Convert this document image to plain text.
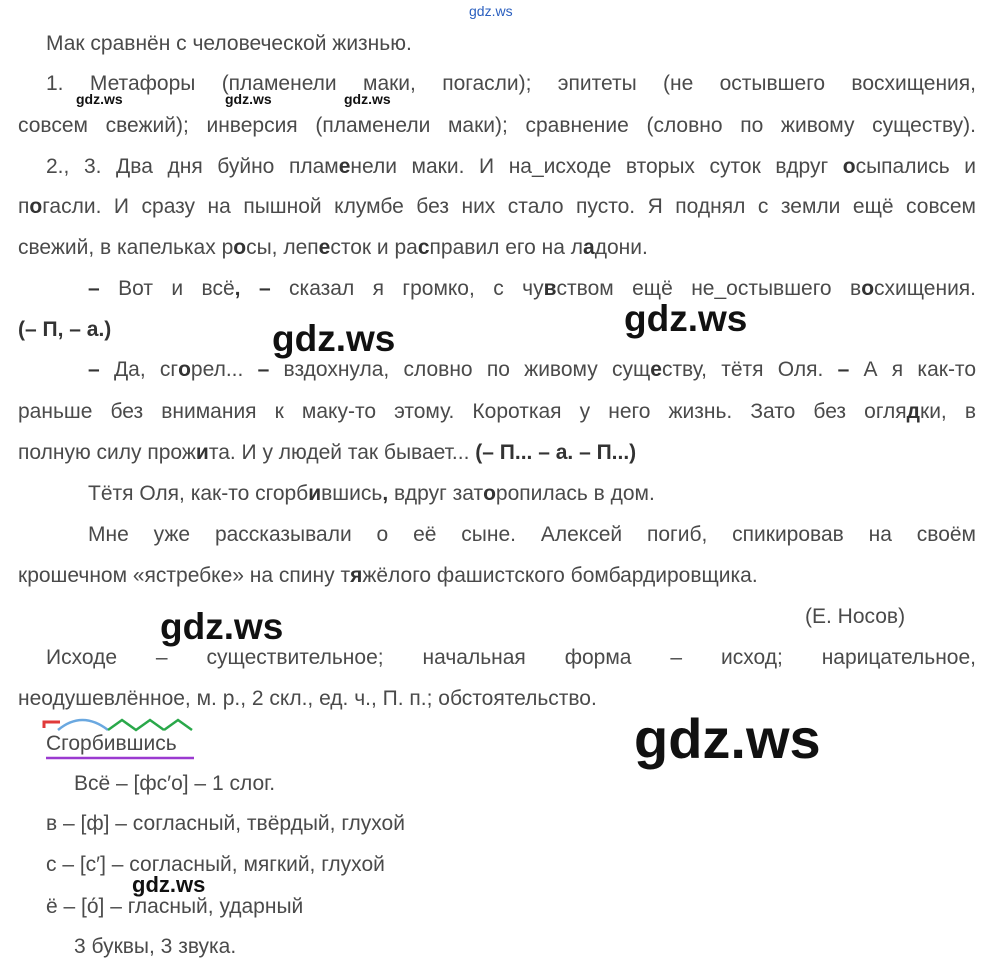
gdz.ws
gdz.ws	gdz.ws	gdz.ws
Мак сравнён с человеческой жизнью.
1. Метафоры (пламенели маки, погасли); эпитеты (не остывшего восхищения,
совсем свежий); инверсия (пламенели маки); сравнение (словно по живому существу).
2., 3. Два дня буйно пламенели маки. И на_исходе вторых суток вдруг осыпались и
погасли. И сразу на пышной клумбе без них стало пусто. Я поднял с земли ещё совсем
свежий, в капельках росы, лепесток и расправил его на ладони.
– Вот и всё, – сказал я громко, с чувством ещё не_остывшего восхищения.
(– П, – а.)	gdz.ws
gdz.ws
– Да, сгорел... – вздохнула, словно по живому существу, тётя Оля. – А я как-то
раньше без внимания к маку-то этому. Короткая у него жизнь. Зато без оглядки, в
полную силу прожита. И у людей так бывает... (– П... – а. – П...)
Тётя Оля, как-то сгорбившись, вдруг заторопилась в дом.
Мне уже рассказывали о её сыне. Алексей погиб, спикировав на своём
крошечном «ястребке» на спину тяжёлого фашистского бомбардировщика.
(Е. Носов)
gdz.ws
Исходе – существительное; начальная форма – исход; нарицательное,
неодушевлённое, м. р., 2 скл., ед. ч., П. п.; обстоятельство.
gdz.ws
Сгорбившись
Всё – [фс′о] – 1 слог.
в – [ф] – согласный, твёрдый, глухой
с – [с′] – согласный, мягкий, глухой
ё – [о́] – гласный, ударный
gdz.ws
3 буквы, 3 звука.
